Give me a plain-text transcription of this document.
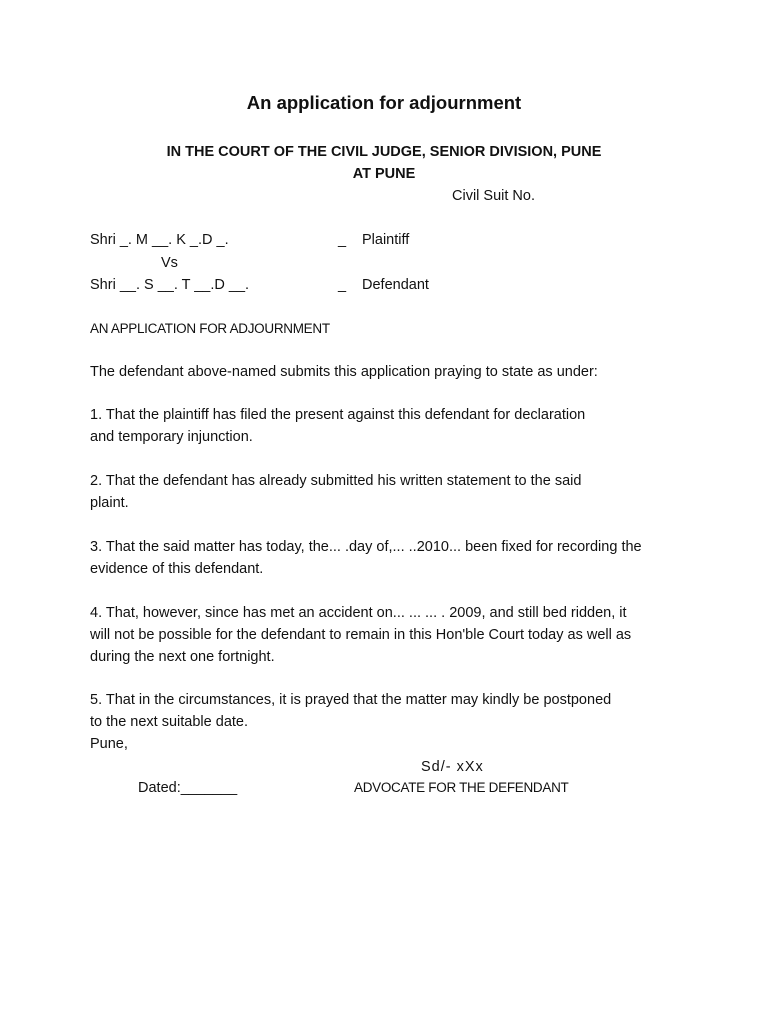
An application for adjournment
IN THE COURT OF THE CIVIL JUDGE, SENIOR DIVISION, PUNE
AT PUNE
Civil Suit No.
Shri _. M __. K _.D _.	_ Plaintiff
Vs
Shri __. S __. T __.D __.	_ Defendant
AN APPLICATION FOR ADJOURNMENT
The defendant above-named submits this application praying to state as under:
1. That the plaintiff has filed the present against this defendant for declaration
and temporary injunction.
2. That the defendant has already submitted his written statement to the said
plaint.
3. That the said matter has today, the... .day of,... ..2010... been fixed for recording the
evidence of this defendant.
4. That, however, since has met an accident on... ... ... . 2009, and still bed ridden, it
will not be possible for the defendant to remain in this Hon'ble Court today as well as
during the next one fortnight.
5. That in the circumstances, it is prayed that the matter may kindly be postponed
to the next suitable date.
Pune,
Sd/- xXx
Dated:_______	ADVOCATE FOR THE DEFENDANT
